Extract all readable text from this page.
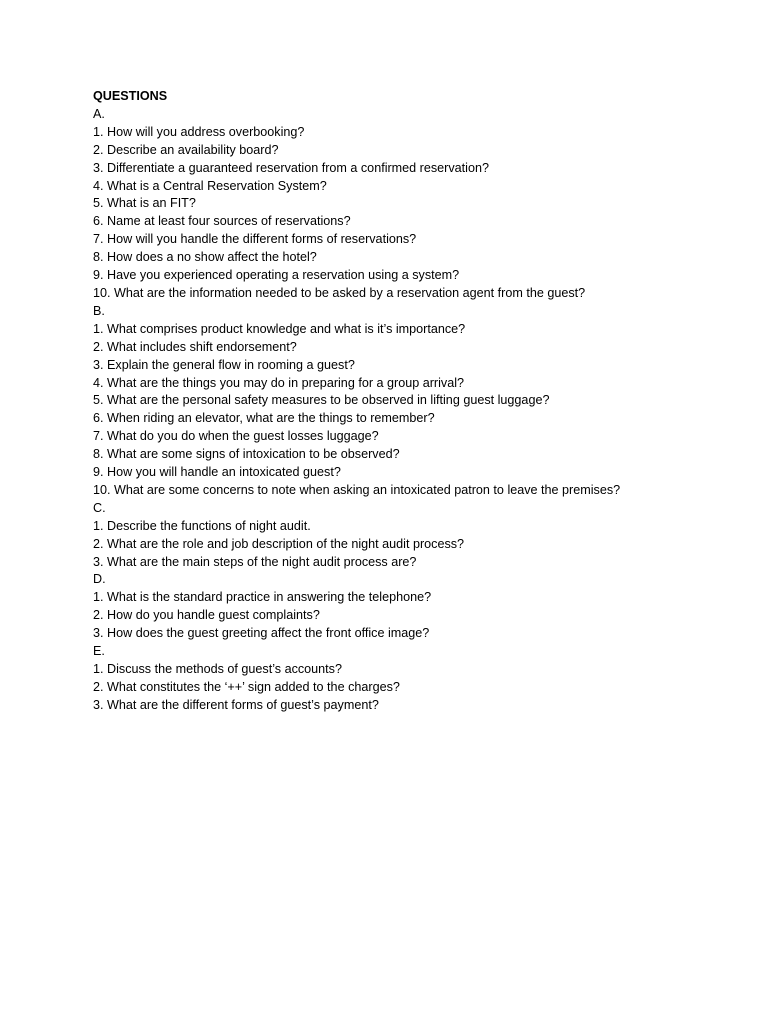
QUESTIONS

A.

1. How will you address overbooking?

2. Describe an availability board?

3. Differentiate a guaranteed reservation from a confirmed reservation?

4. What is a Central Reservation System?

5. What is an FIT?

6. Name at least four sources of reservations?

7. How will you handle the different forms of reservations?

8. How does a no show affect the hotel?

9. Have you experienced operating a reservation using a system?

10. What are the information needed to be asked by a reservation agent from the guest?

B.

1. What comprises product knowledge and what is it’s importance?

2. What includes shift endorsement?

3. Explain the general flow in rooming a guest?

4. What are the things you may do in preparing for a group arrival?

5. What are the personal safety measures to be observed in lifting guest luggage?

6. When riding an elevator, what are the things to remember?

7. What do you do when the guest losses luggage?

8. What are some signs of intoxication to be observed?

9. How you will handle an intoxicated guest?

10. What are some concerns to note when asking an intoxicated patron to leave the premises?

C.

1. Describe the functions of night audit.

2. What are the role and job description of the night audit process?

3. What are the main steps of the night audit process are?

D.

1. What is the standard practice in answering the telephone?

2. How do you handle guest complaints?

3. How does the guest greeting affect the front office image?

E.

1. Discuss the methods of guest’s accounts?

2. What constitutes the ‘++’ sign added to the charges?

3. What are the different forms of guest’s payment?
